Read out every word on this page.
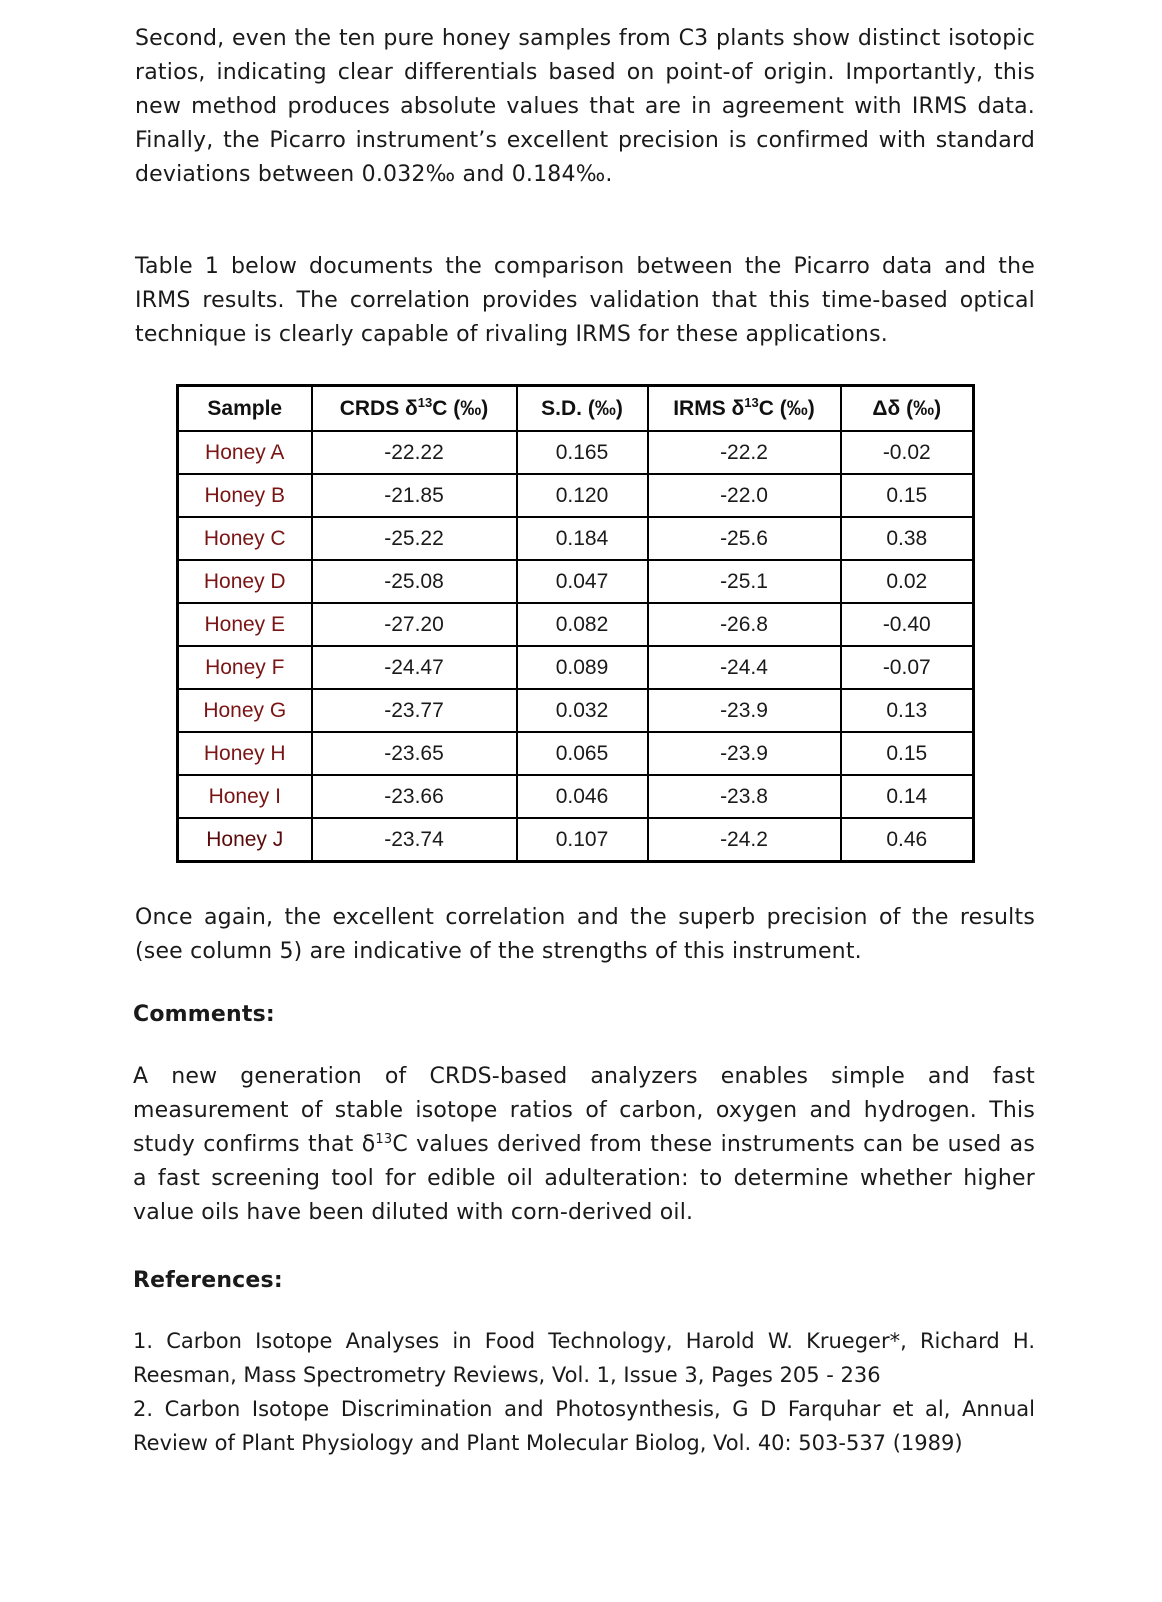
Second, even the ten pure honey samples from C3 plants show distinct isotopic ratios, indicating clear differentials based on point-of origin. Importantly, this new method produces absolute values that are in agreement with IRMS data. Finally, the Picarro instrument’s excellent precision is confirmed with standard deviations between 0.032‰ and 0.184‰.

Table 1 below documents the comparison between the Picarro data and the IRMS results. The correlation provides validation that this time-based optical technique is clearly capable of rivaling IRMS for these applications.

Sample	CRDS $\delta^{13}C$ (‰)	S.D. (‰)	IRMS $\delta^{13}C$ (‰)	Δδ (‰)
Honey A	-22.22	0.165	-22.2	-0.02
Honey B	-21.85	0.120	-22.0	0.15
Honey C	-25.22	0.184	-25.6	0.38
Honey D	-25.08	0.047	-25.1	0.02
Honey E	-27.20	0.082	-26.8	-0.40
Honey F	-24.47	0.089	-24.4	-0.07
Honey G	-23.77	0.032	-23.9	0.13
Honey H	-23.65	0.065	-23.9	0.15
Honey I	-23.66	0.046	-23.8	0.14
Honey J	-23.74	0.107	-24.2	0.46

Once again, the excellent correlation and the superb precision of the results (see column 5) are indicative of the strengths of this instrument.

Comments:

A new generation of CRDS-based analyzers enables simple and fast measurement of stable isotope ratios of carbon, oxygen and hydrogen. This study confirms that $\delta^{13}C$ values derived from these instruments can be used as a fast screening tool for edible oil adulteration: to determine whether higher value oils have been diluted with corn-derived oil.

References:
1. Carbon Isotope Analyses in Food Technology, Harold W. Krueger*, Richard H. Reesman, Mass Spectrometry Reviews, Vol. 1, Issue 3, Pages 205 - 236
2. Carbon Isotope Discrimination and Photosynthesis, G D Farquhar et al, Annual Review of Plant Physiology and Plant Molecular Biolog, Vol. 40: 503-537 (1989)
